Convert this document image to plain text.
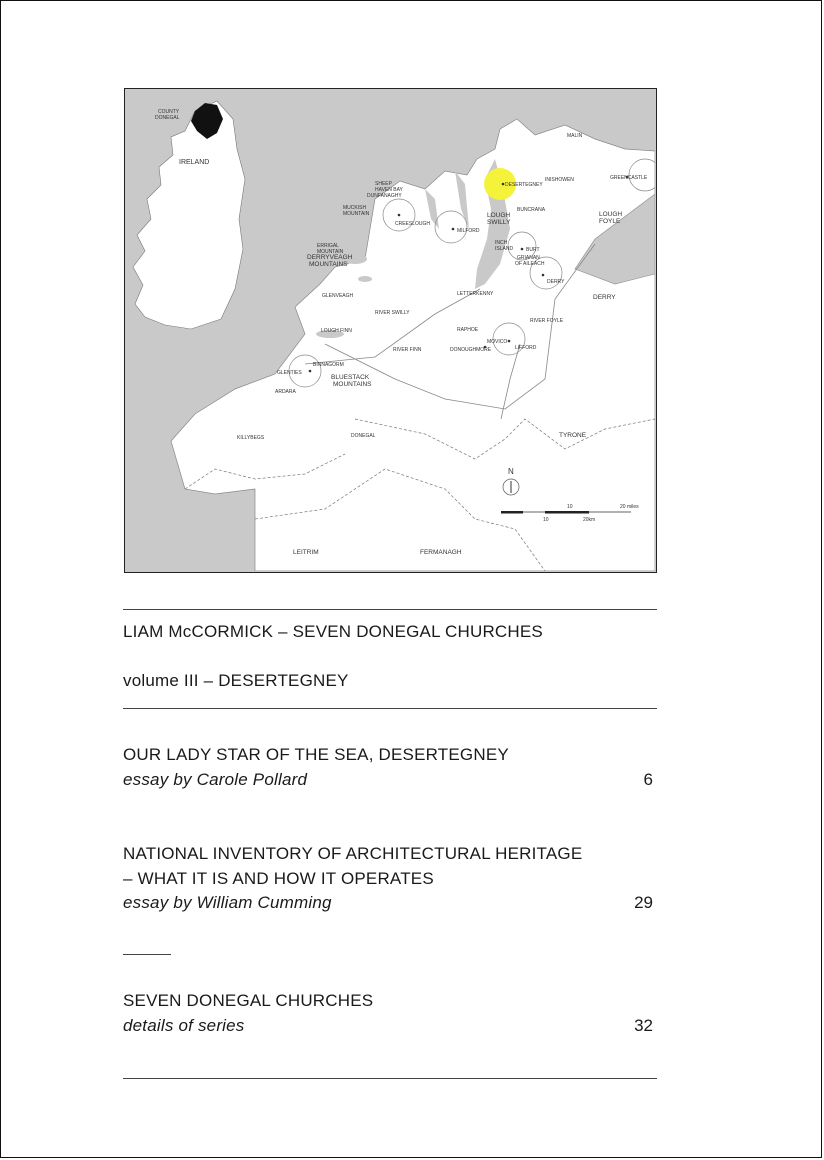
COUNTY
DONEGAL
INISHOWEN
MALIN
GREENCASTLE
DESERTEGNEY
BUNCRANA
SHEEP
HAVEN BAY
DUNFANAGHY
MUCKISH
MOUNTAIN
CREESLOUGH
MILFORD
INCH
ISLAND	BURT
GRIANAN
OF AILEACH
DERRY
ERRIGAL
MOUNTAIN
GLENVEAGH	LETTERKENNY
RIVER SWILLY
RIVER FOYLE
LOUGH FINN
RIVER FINN
RAPHOE
MOVICO
DONOUGHMORE	LIFFORD
GLENTIES
ARDARA
BINNAGORM
KILLYBEGS	DONEGAL
IRELAND
LOUGH
FOYLE
LOUGH
SWILLY
DERRYVEAGH
MOUNTAINS
DERRY
BLUESTACK
MOUNTAINS
TYRONE
LEITRIM	FERMANAGH
N
10	20 miles
10	20km
LIAM McCORMICK – SEVEN DONEGAL CHURCHES
volume III – DESERTEGNEY
OUR LADY STAR OF THE SEA, DESERTEGNEY
essay by Carole Pollard	6
NATIONAL INVENTORY OF ARCHITECTURAL HERITAGE
– WHAT IT IS AND HOW IT OPERATES
essay by William Cumming	29
SEVEN DONEGAL CHURCHES
details of series	32
